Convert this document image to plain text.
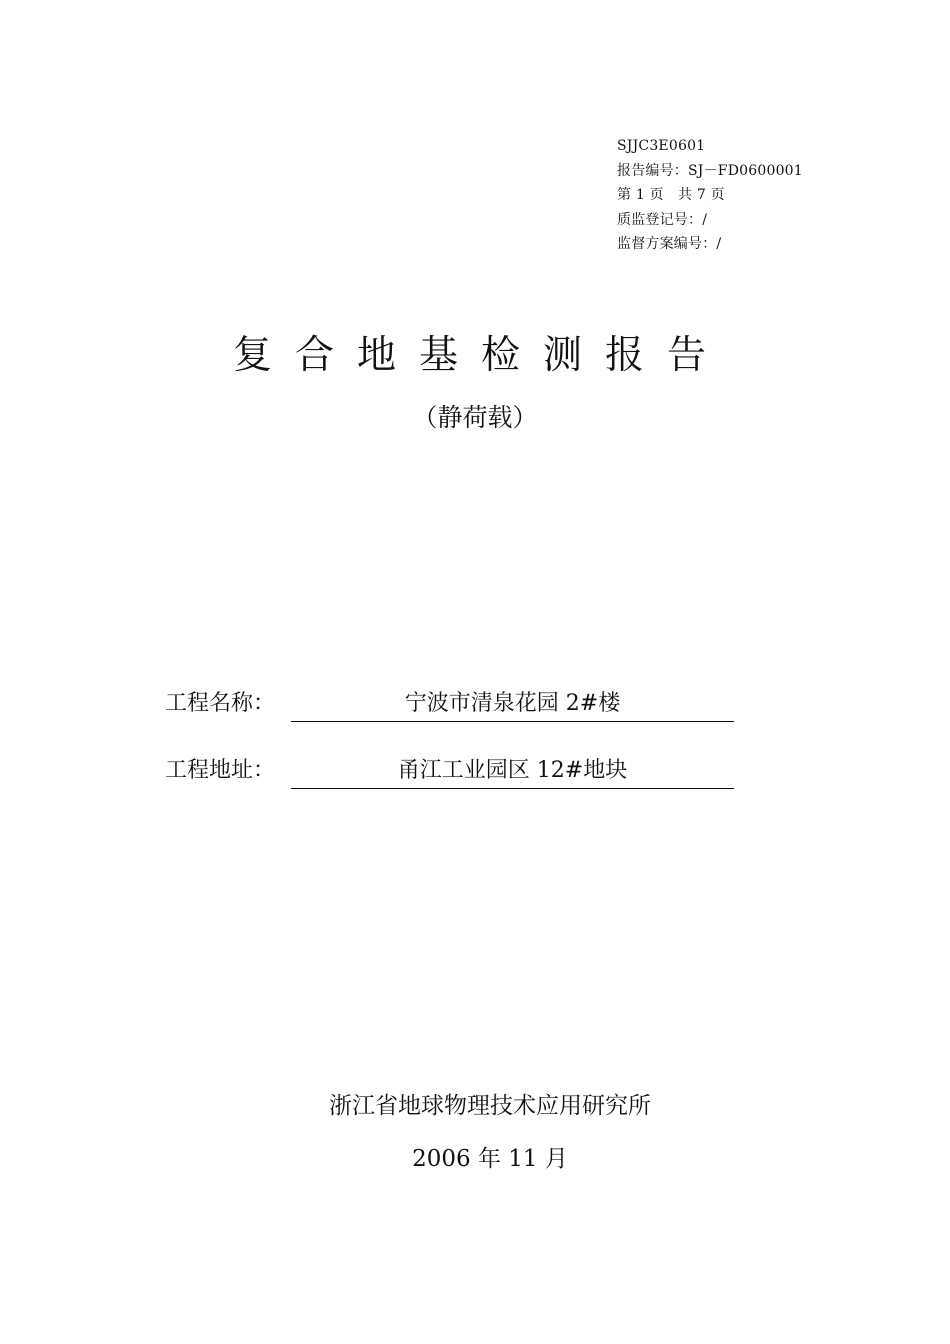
SJJC3E0601
报告编号：SJ－FD0600001
第 1 页　共 7 页
质监登记号：/
监督方案编号：/
复合地基检测报告
（静荷载）
工程名称：	宁波市清泉花园 2#楼
工程地址：	甬江工业园区 12#地块
浙江省地球物理技术应用研究所
2006 年 11 月
